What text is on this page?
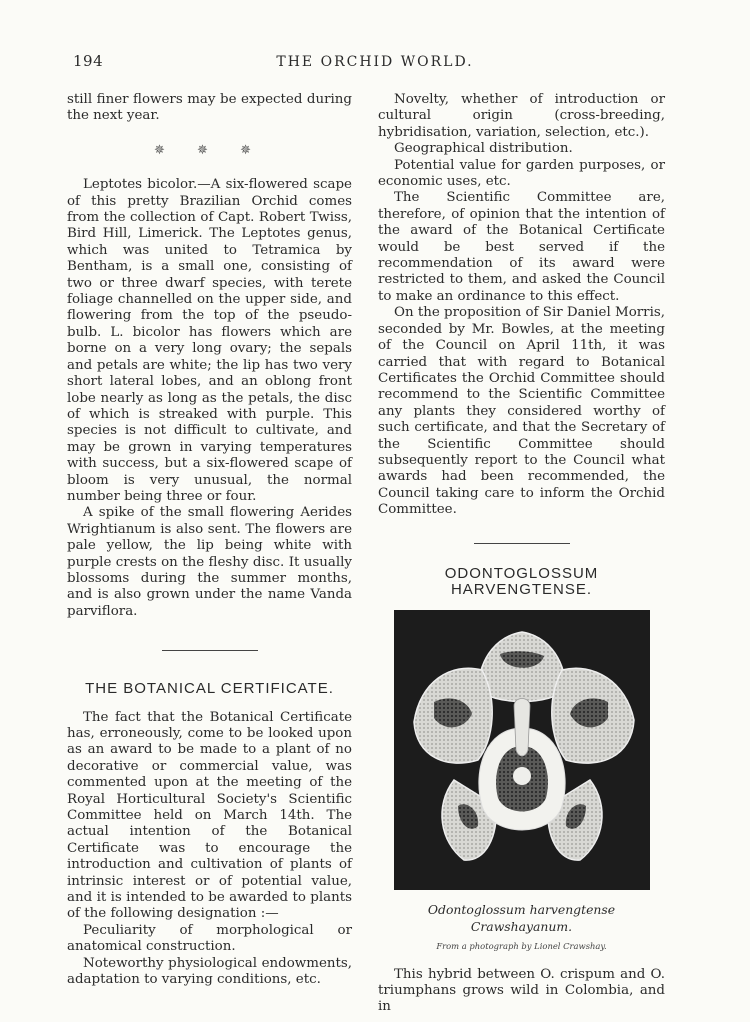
194	THE ORCHID WORLD.

still finer flowers may be expected during the next year.

✵ ✵ ✵

Leptotes bicolor.—A six-flowered scape of this pretty Brazilian Orchid comes from the collection of Capt. Robert Twiss, Bird Hill, Limerick. The Leptotes genus, which was united to Tetramica by Bentham, is a small one, consisting of two or three dwarf species, with terete foliage channelled on the upper side, and flowering from the top of the pseudo-bulb. L. bicolor has flowers which are borne on a very long ovary; the sepals and petals are white; the lip has two very short lateral lobes, and an oblong front lobe nearly as long as the petals, the disc of which is streaked with purple. This species is not difficult to cultivate, and may be grown in varying temperatures with success, but a six-flowered scape of bloom is very unusual, the normal number being three or four.

A spike of the small flowering Aerides Wrightianum is also sent. The flowers are pale yellow, the lip being white with purple crests on the fleshy disc. It usually blossoms during the summer months, and is also grown under the name Vanda parviflora.

THE BOTANICAL CERTIFICATE.

The fact that the Botanical Certificate has, erroneously, come to be looked upon as an award to be made to a plant of no decorative or commercial value, was commented upon at the meeting of the Royal Horticultural Society's Scientific Committee held on March 14th. The actual intention of the Botanical Certificate was to encourage the introduction and cultivation of plants of intrinsic interest or of potential value, and it is intended to be awarded to plants of the following designation :—

Peculiarity of morphological or anatomical construction.

Noteworthy physiological endowments, adaptation to varying conditions, etc.

Novelty, whether of introduction or cultural origin (cross-breeding, hybridisation, variation, selection, etc.).

Geographical distribution.

Potential value for garden purposes, or economic uses, etc.

The Scientific Committee are, therefore, of opinion that the intention of the award of the Botanical Certificate would be best served if the recommendation of its award were restricted to them, and asked the Council to make an ordinance to this effect.

On the proposition of Sir Daniel Morris, seconded by Mr. Bowles, at the meeting of the Council on April 11th, it was carried that with regard to Botanical Certificates the Orchid Committee should recommend to the Scientific Committee any plants they considered worthy of such certificate, and that the Secretary of the Scientific Committee should subsequently report to the Council what awards had been recommended, the Council taking care to inform the Orchid Committee.

ODONTOGLOSSUM HARVENGTENSE.
Odontoglossum harvengtense Crawshayanum.
From a photograph by Lionel Crawshay.

This hybrid between O. crispum and O. triumphans grows wild in Colombia, and in
